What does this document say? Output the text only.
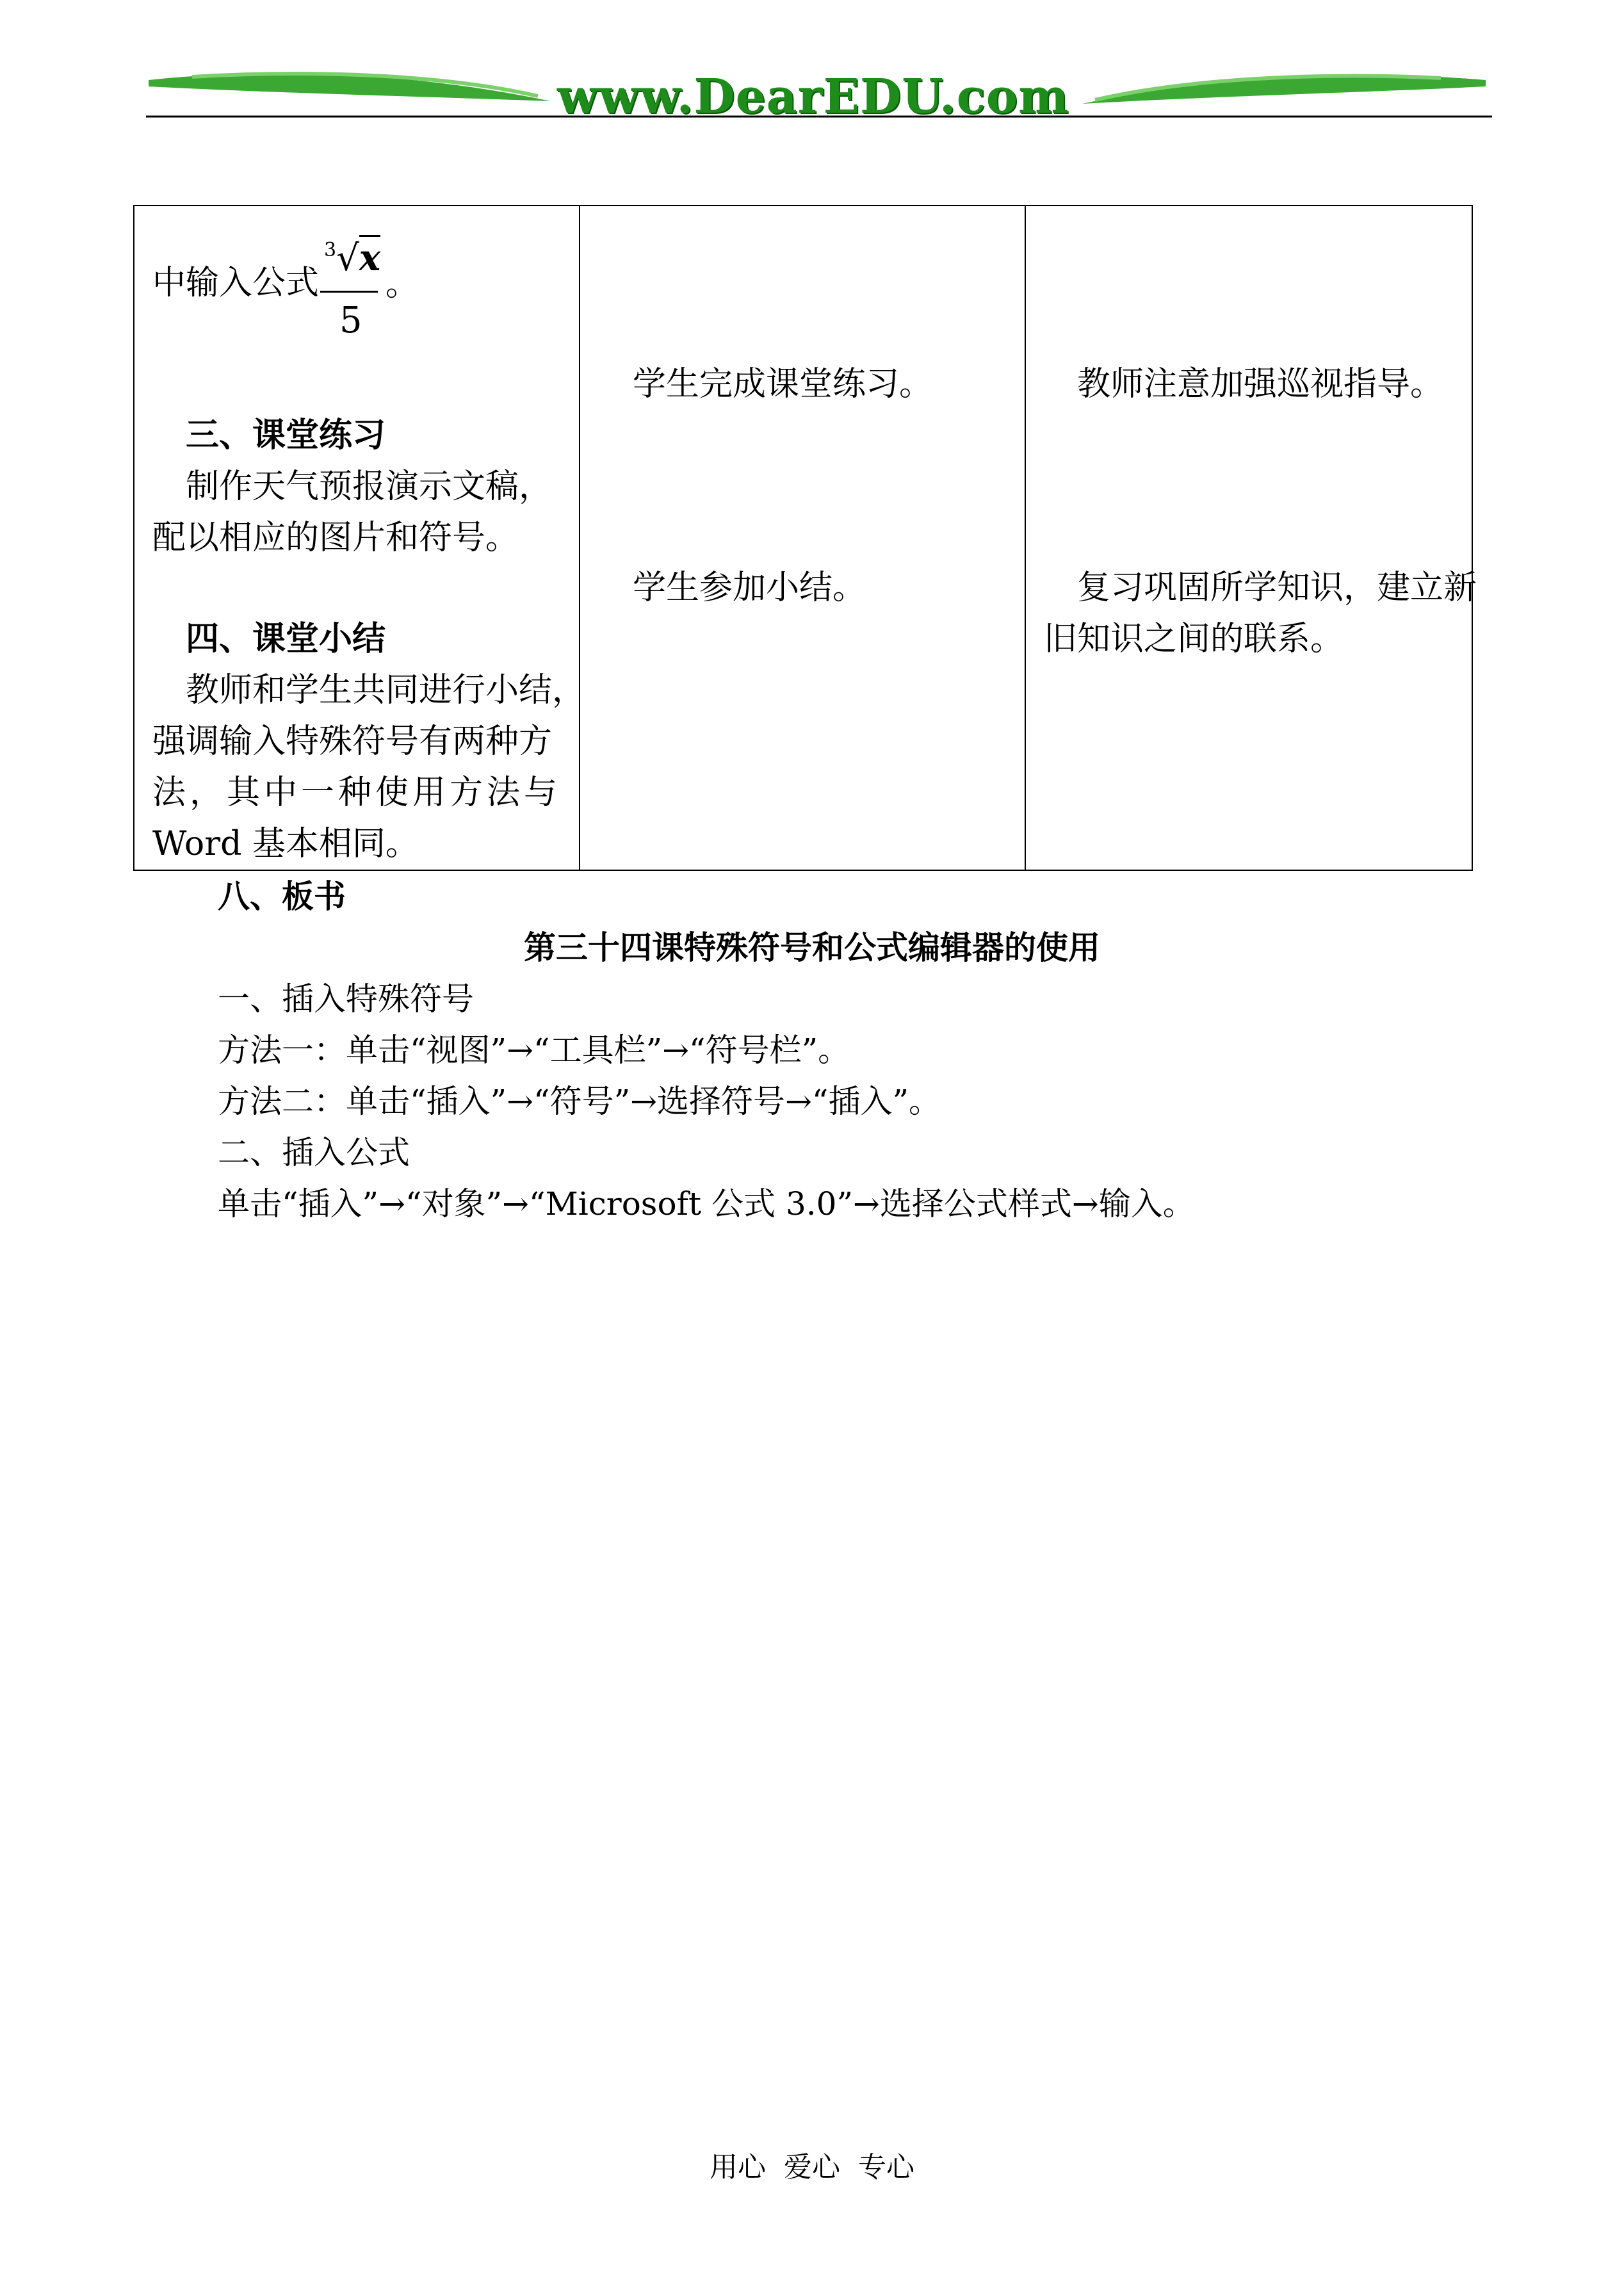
www.DearEDU.com
中输入公式
$^3$√x
5
。
三、课堂练习
制作天气预报演示文稿，
配以相应的图片和符号。
四、课堂小结
教师和学生共同进行小结，
强调输入特殊符号有两种方
法，其中一种使用方法与
Word 基本相同。

学生完成课堂练习。
学生参加小结。

教师注意加强巡视指导。
复习巩固所学知识，建立新
旧知识之间的联系。
八、板书
第三十四课特殊符号和公式编辑器的使用
一、插入特殊符号
方法一：单击“视图”→“工具栏”→“符号栏”。
方法二：单击“插入”→“符号”→选择符号→“插入”。
二、插入公式
单击“插入”→“对象”→“Microsoft 公式 3.0”→选择公式样式→输入。
用心  爱心  专心
